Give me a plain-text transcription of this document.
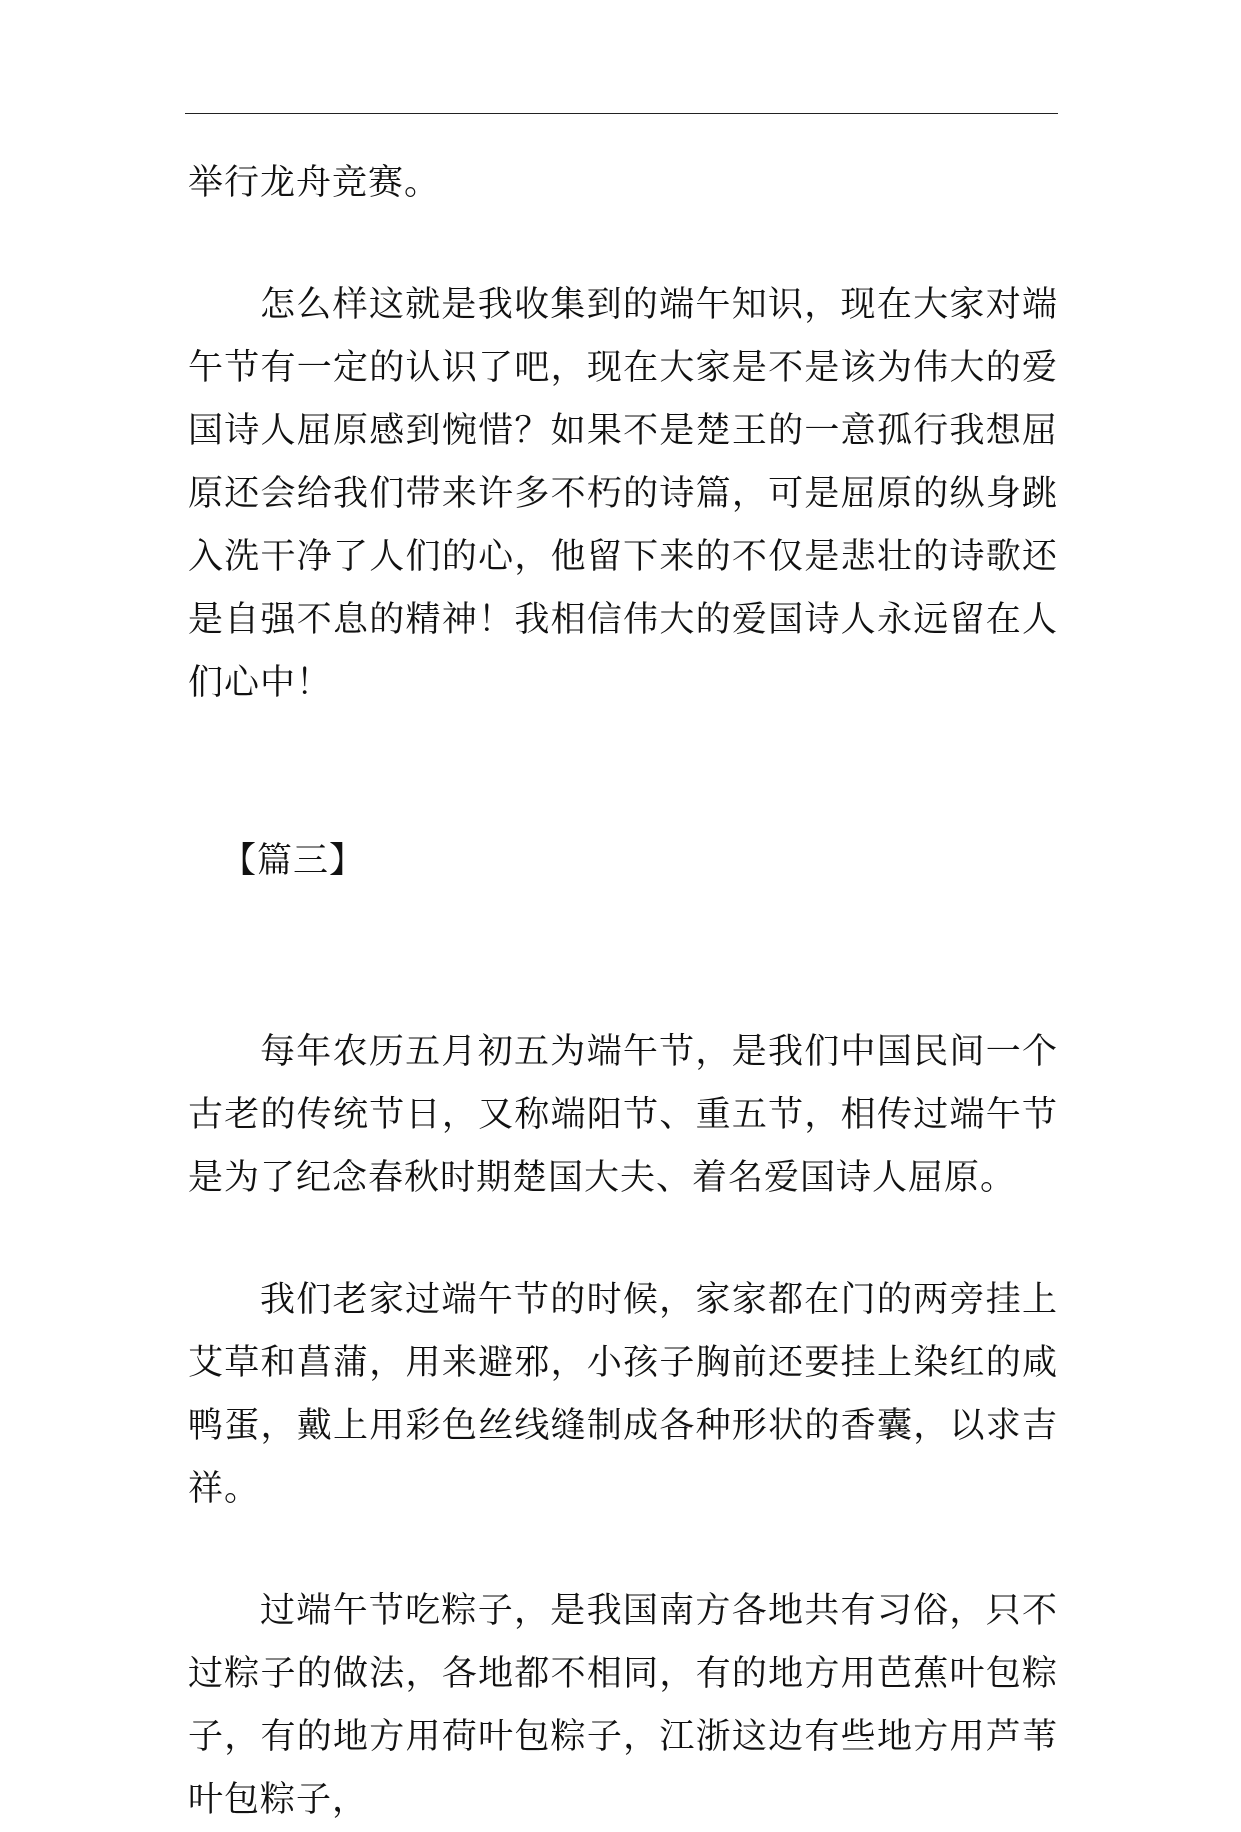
举行龙舟竞赛。

怎么样这就是我收集到的端午知识，现在大家对端午节有一定的认识了吧，现在大家是不是该为伟大的爱国诗人屈原感到惋惜？如果不是楚王的一意孤行我想屈原还会给我们带来许多不朽的诗篇，可是屈原的纵身跳入洗干净了人们的心，他留下来的不仅是悲壮的诗歌还是自强不息的精神！我相信伟大的爱国诗人永远留在人们心中！

【篇三】

每年农历五月初五为端午节，是我们中国民间一个古老的传统节日，又称端阳节、重五节，相传过端午节是为了纪念春秋时期楚国大夫、着名爱国诗人屈原。

我们老家过端午节的时候，家家都在门的两旁挂上艾草和菖蒲，用来避邪，小孩子胸前还要挂上染红的咸鸭蛋，戴上用彩色丝线缝制成各种形状的香囊，以求吉祥。

过端午节吃粽子，是我国南方各地共有习俗，只不过粽子的做法，各地都不相同，有的地方用芭蕉叶包粽子，有的地方用荷叶包粽子，江浙这边有些地方用芦苇叶包粽子，
